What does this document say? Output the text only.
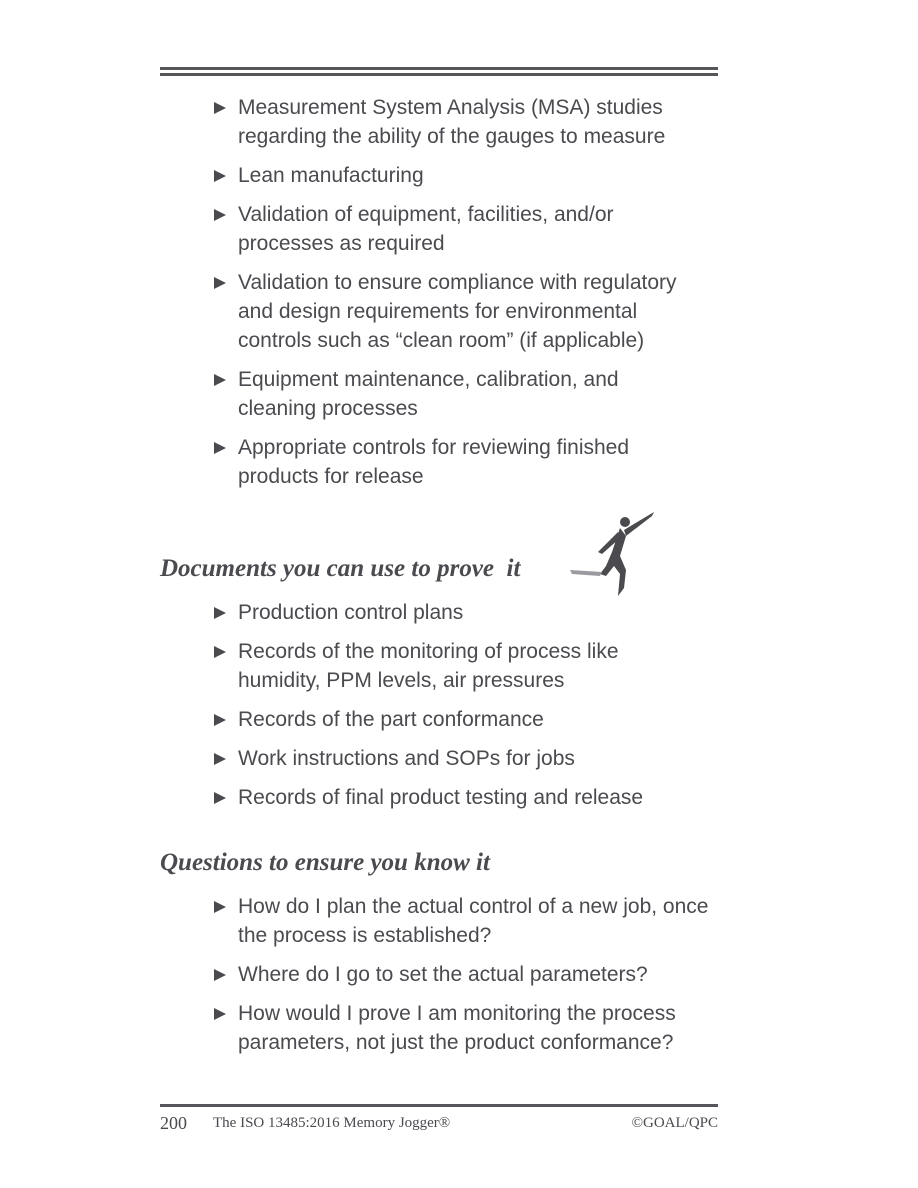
Measurement System Analysis (MSA) studies regarding the ability of the gauges to measure
Lean manufacturing
Validation of equipment, facilities, and/or processes as required
Validation to ensure compliance with regulatory and design requirements for environmental controls such as “clean room” (if applicable)
Equipment maintenance, calibration, and cleaning processes
Appropriate controls for reviewing finished products for release
Documents you can use to prove  it
Production control plans
Records of the monitoring of process like humidity, PPM levels, air pressures
Records of the part conformance
Work instructions and SOPs for jobs
Records of final product testing and release
Questions to ensure you know it
How do I plan the actual control of a new job, once the process is established?
Where do I go to set the actual parameters?
How would I prove I am monitoring the process parameters, not just the product conformance?
200 The ISO 13485:2016 Memory Jogger®	©GOAL/QPC
